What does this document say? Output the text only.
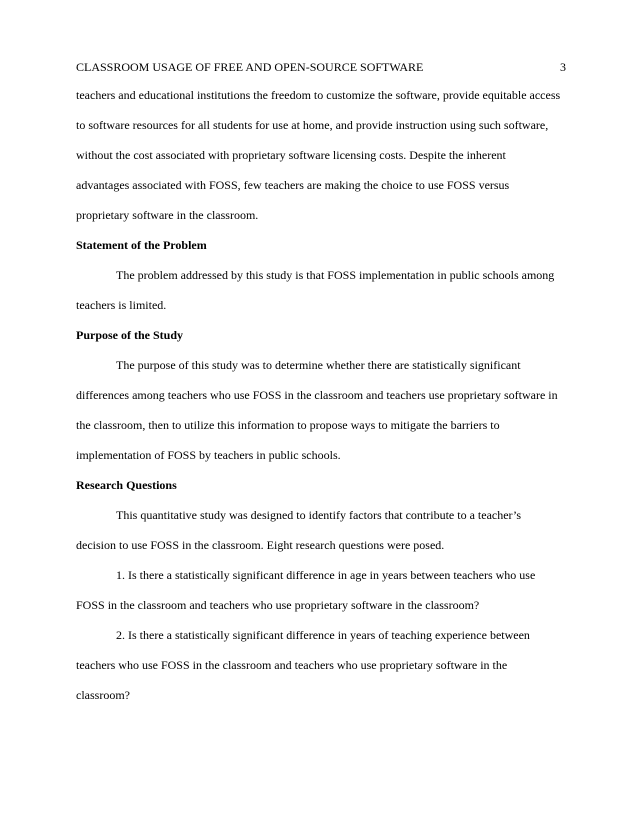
CLASSROOM USAGE OF FREE AND OPEN-SOURCE SOFTWARE	3

teachers and educational institutions the freedom to customize the software, provide equitable access to software resources for all students for use at home, and provide instruction using such software, without the cost associated with proprietary software licensing costs. Despite the inherent advantages associated with FOSS, few teachers are making the choice to use FOSS versus proprietary software in the classroom.

Statement of the Problem

The problem addressed by this study is that FOSS implementation in public schools among teachers is limited.

Purpose of the Study

The purpose of this study was to determine whether there are statistically significant differences among teachers who use FOSS in the classroom and teachers use proprietary software in the classroom, then to utilize this information to propose ways to mitigate the barriers to implementation of FOSS by teachers in public schools.

Research Questions

This quantitative study was designed to identify factors that contribute to a teacher’s decision to use FOSS in the classroom. Eight research questions were posed.

1. Is there a statistically significant difference in age in years between teachers who use FOSS in the classroom and teachers who use proprietary software in the classroom?

2. Is there a statistically significant difference in years of teaching experience between teachers who use FOSS in the classroom and teachers who use proprietary software in the classroom?
